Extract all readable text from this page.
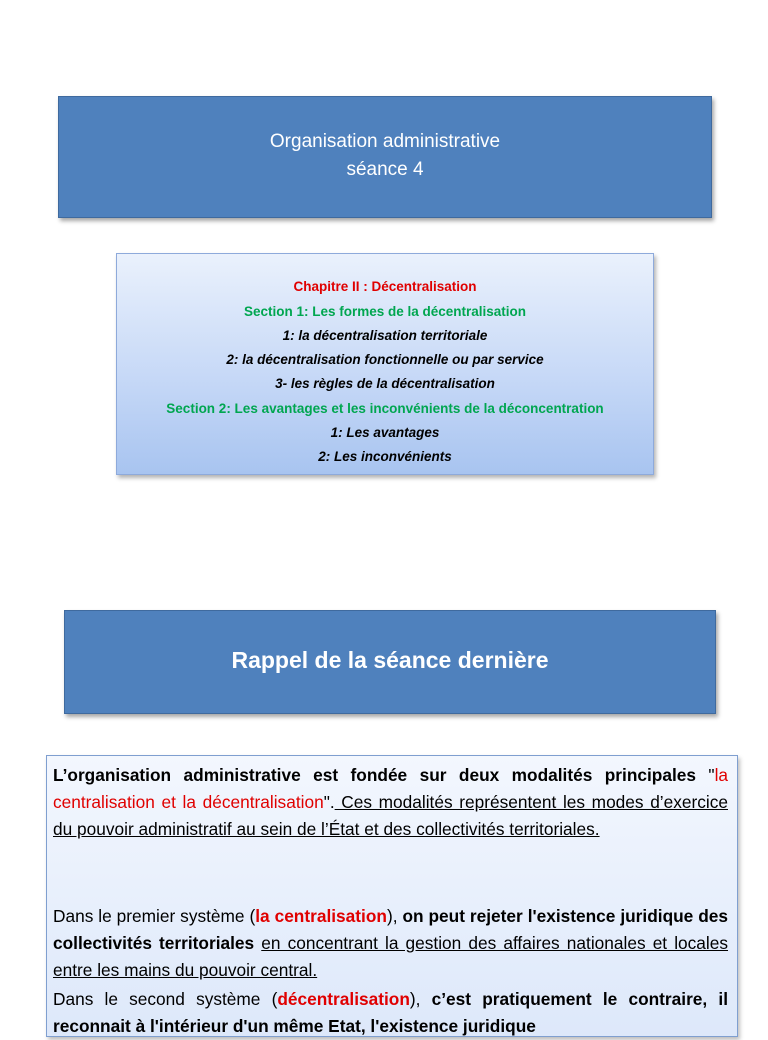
Organisation administrative
séance 4
Chapitre II : Décentralisation
Section 1: Les formes de la décentralisation
1: la décentralisation territoriale
2: la décentralisation fonctionnelle ou par service
3- les règles de la décentralisation
Section 2: Les avantages et les inconvénients de la déconcentration
1: Les avantages
2: Les inconvénients
Rappel de la séance dernière
L’organisation administrative est fondée sur deux modalités principales "la centralisation et la décentralisation". Ces modalités représentent les modes d’exercice du pouvoir administratif au sein de l’État et des collectivités territoriales.
Dans le premier système (la centralisation), on peut rejeter l'existence juridique des collectivités territoriales en concentrant la gestion des affaires nationales et locales entre les mains du pouvoir central.
Dans le second système (décentralisation), c’est pratiquement le contraire, il reconnait à l'intérieur d'un même Etat, l'existence juridique
